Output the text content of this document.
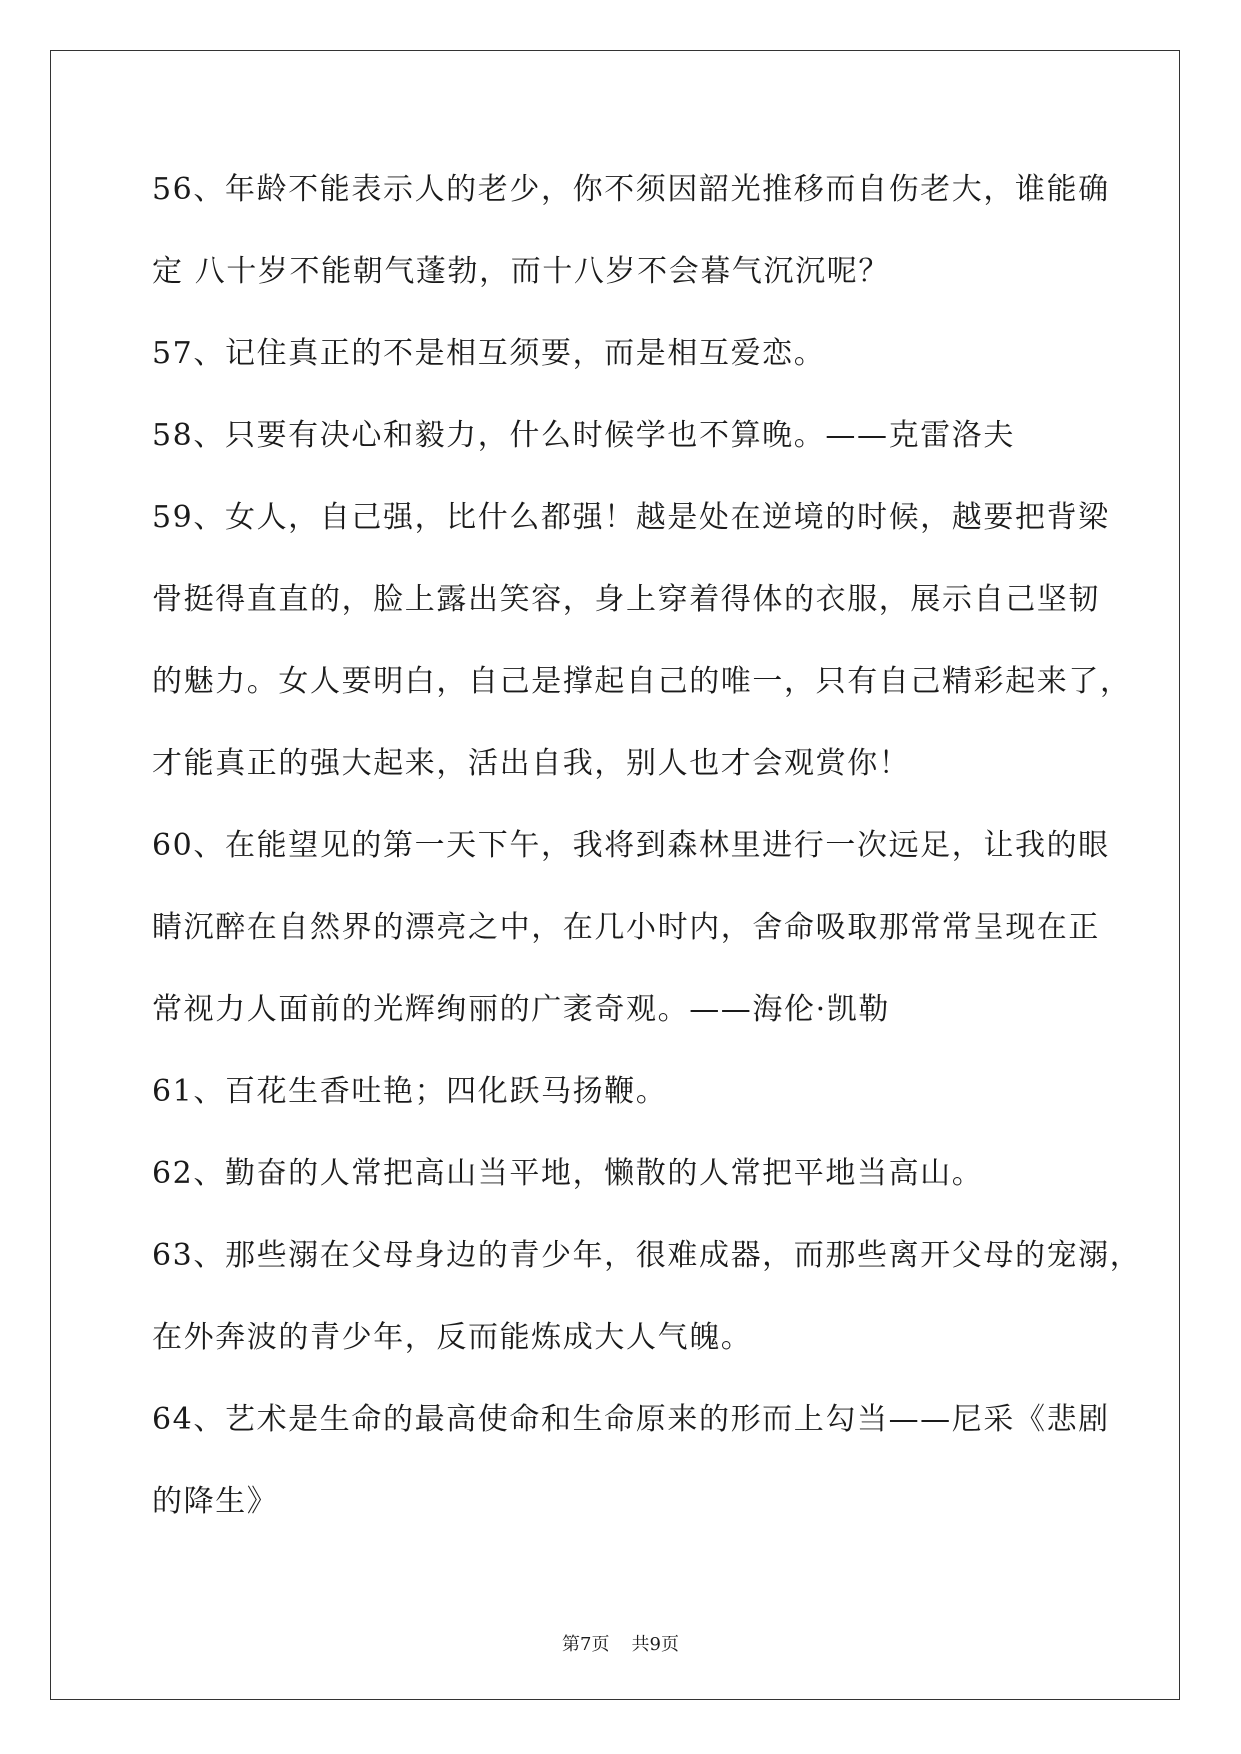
56、年龄不能表示人的老少，你不须因韶光推移而自伤老大，谁能确
定 八十岁不能朝气蓬勃，而十八岁不会暮气沉沉呢？
57、记住真正的不是相互须要，而是相互爱恋。
58、只要有决心和毅力，什么时候学也不算晚。——克雷洛夫
59、女人，自己强，比什么都强！越是处在逆境的时候，越要把背梁
骨挺得直直的，脸上露出笑容，身上穿着得体的衣服，展示自己坚韧
的魅力。女人要明白，自己是撑起自己的唯一，只有自己精彩起来了，
才能真正的强大起来，活出自我，别人也才会观赏你！
60、在能望见的第一天下午，我将到森林里进行一次远足，让我的眼
睛沉醉在自然界的漂亮之中，在几小时内，舍命吸取那常常呈现在正
常视力人面前的光辉绚丽的广袤奇观。——海伦·凯勒
61、百花生香吐艳；四化跃马扬鞭。
62、勤奋的人常把高山当平地，懒散的人常把平地当高山。
63、那些溺在父母身边的青少年，很难成器，而那些离开父母的宠溺，
在外奔波的青少年，反而能炼成大人气魄。
64、艺术是生命的最高使命和生命原来的形而上勾当——尼采《悲剧
的降生》
第7页 共9页
